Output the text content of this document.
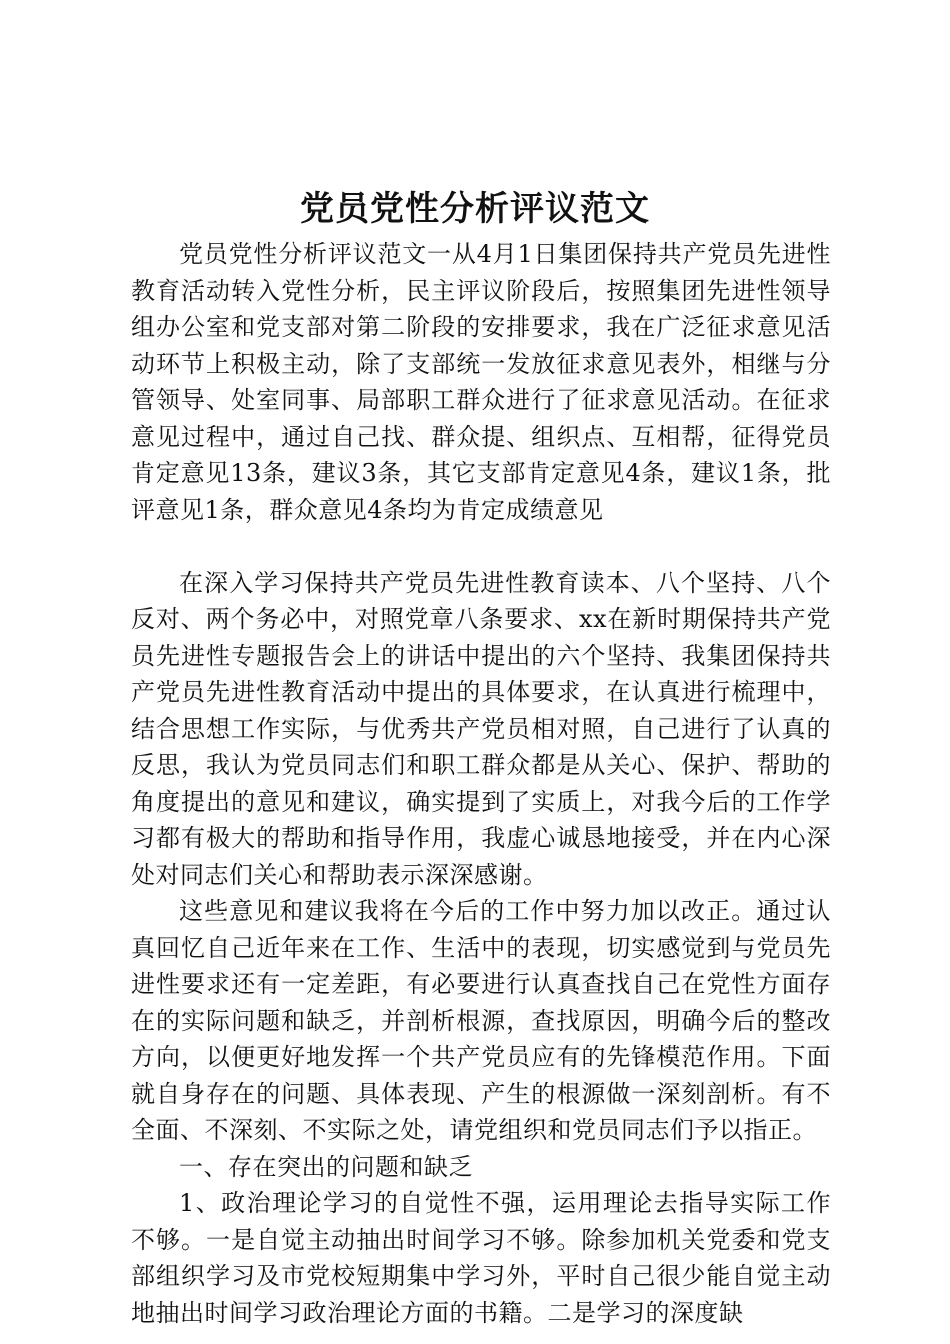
党员党性分析评议范文

党员党性分析评议范文一从4月1日集团保持共产党员先进性教育活动转入党性分析，民主评议阶段后，按照集团先进性领导组办公室和党支部对第二阶段的安排要求，我在广泛征求意见活动环节上积极主动，除了支部统一发放征求意见表外，相继与分管领导、处室同事、局部职工群众进行了征求意见活动。在征求意见过程中，通过自己找、群众提、组织点、互相帮，征得党员肯定意见13条，建议3条，其它支部肯定意见4条，建议1条，批评意见1条，群众意见4条均为肯定成绩意见

在深入学习保持共产党员先进性教育读本、八个坚持、八个反对、两个务必中，对照党章八条要求、xx在新时期保持共产党员先进性专题报告会上的讲话中提出的六个坚持、我集团保持共产党员先进性教育活动中提出的具体要求，在认真进行梳理中，结合思想工作实际，与优秀共产党员相对照，自己进行了认真的反思，我认为党员同志们和职工群众都是从关心、保护、帮助的角度提出的意见和建议，确实提到了实质上，对我今后的工作学习都有极大的帮助和指导作用，我虚心诚恳地接受，并在内心深处对同志们关心和帮助表示深深感谢。

这些意见和建议我将在今后的工作中努力加以改正。通过认真回忆自己近年来在工作、生活中的表现，切实感觉到与党员先进性要求还有一定差距，有必要进行认真查找自己在党性方面存在的实际问题和缺乏，并剖析根源，查找原因，明确今后的整改方向，以便更好地发挥一个共产党员应有的先锋模范作用。下面就自身存在的问题、具体表现、产生的根源做一深刻剖析。有不全面、不深刻、不实际之处，请党组织和党员同志们予以指正。

一、存在突出的问题和缺乏

1、政治理论学习的自觉性不强，运用理论去指导实际工作不够。一是自觉主动抽出时间学习不够。除参加机关党委和党支部组织学习及市党校短期集中学习外，平时自己很少能自觉主动地抽出时间学习政治理论方面的书籍。二是学习的深度缺
